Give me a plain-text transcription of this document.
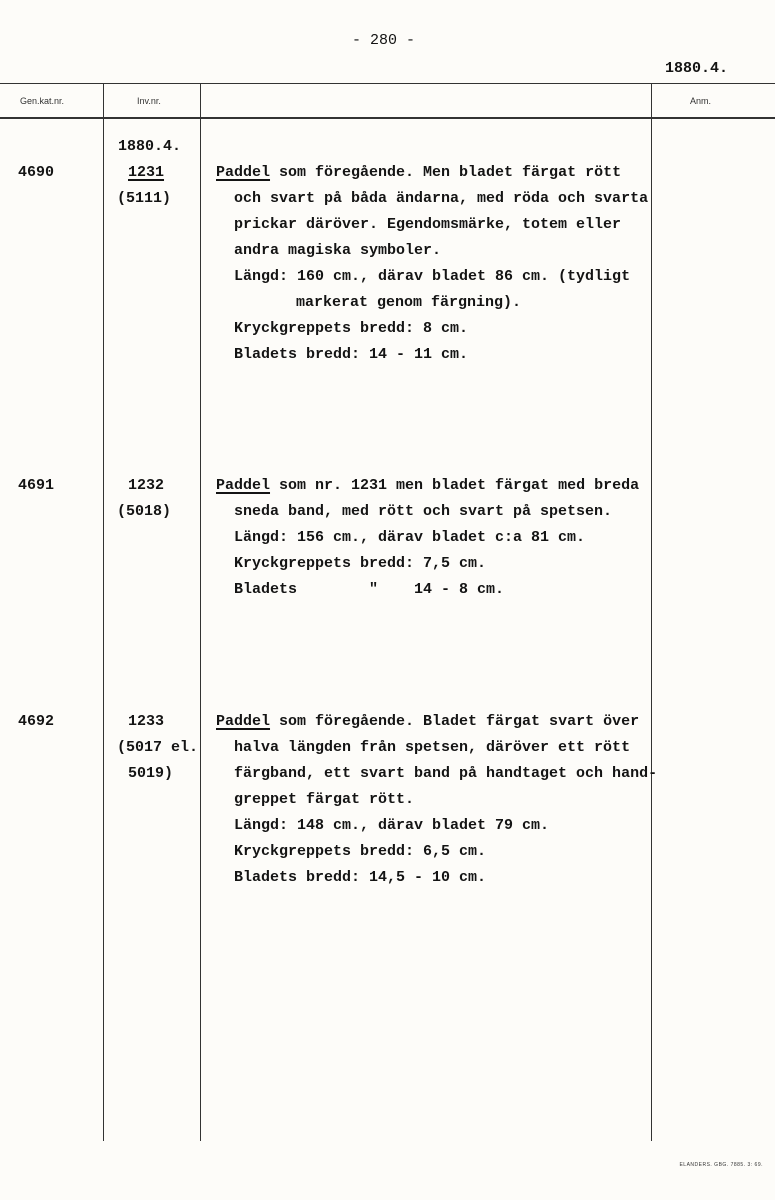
- 280 -
1880.4.
Gen.kat.nr.	Inv.nr.	Anm.
1880.4.
4690	1231
(5111)
Paddel som föregående. Men bladet färgat rött
och svart på båda ändarna, med röda och svarta
prickar däröver. Egendomsmärke, totem eller
andra magiska symboler.
Längd: 160 cm., därav bladet 86 cm. (tydligt
markerat genom färgning).
Kryckgreppets bredd: 8 cm.
Bladets bredd: 14 - 11 cm.
4691	1232
(5018)
Paddel som nr. 1231 men bladet färgat med breda
sneda band, med rött och svart på spetsen.
Längd: 156 cm., därav bladet c:a 81 cm.
Kryckgreppets bredd: 7,5 cm.
Bladets        "    14 - 8 cm.
4692	1233
(5017 el.
5019)
Paddel som föregående. Bladet färgat svart över
halva längden från spetsen, däröver ett rött
färgband, ett svart band på handtaget och hand-
greppet färgat rött.
Längd: 148 cm., därav bladet 79 cm.
Kryckgreppets bredd: 6,5 cm.
Bladets bredd: 14,5 - 10 cm.
ELANDERS. GBG. 7885. 3: 69.
